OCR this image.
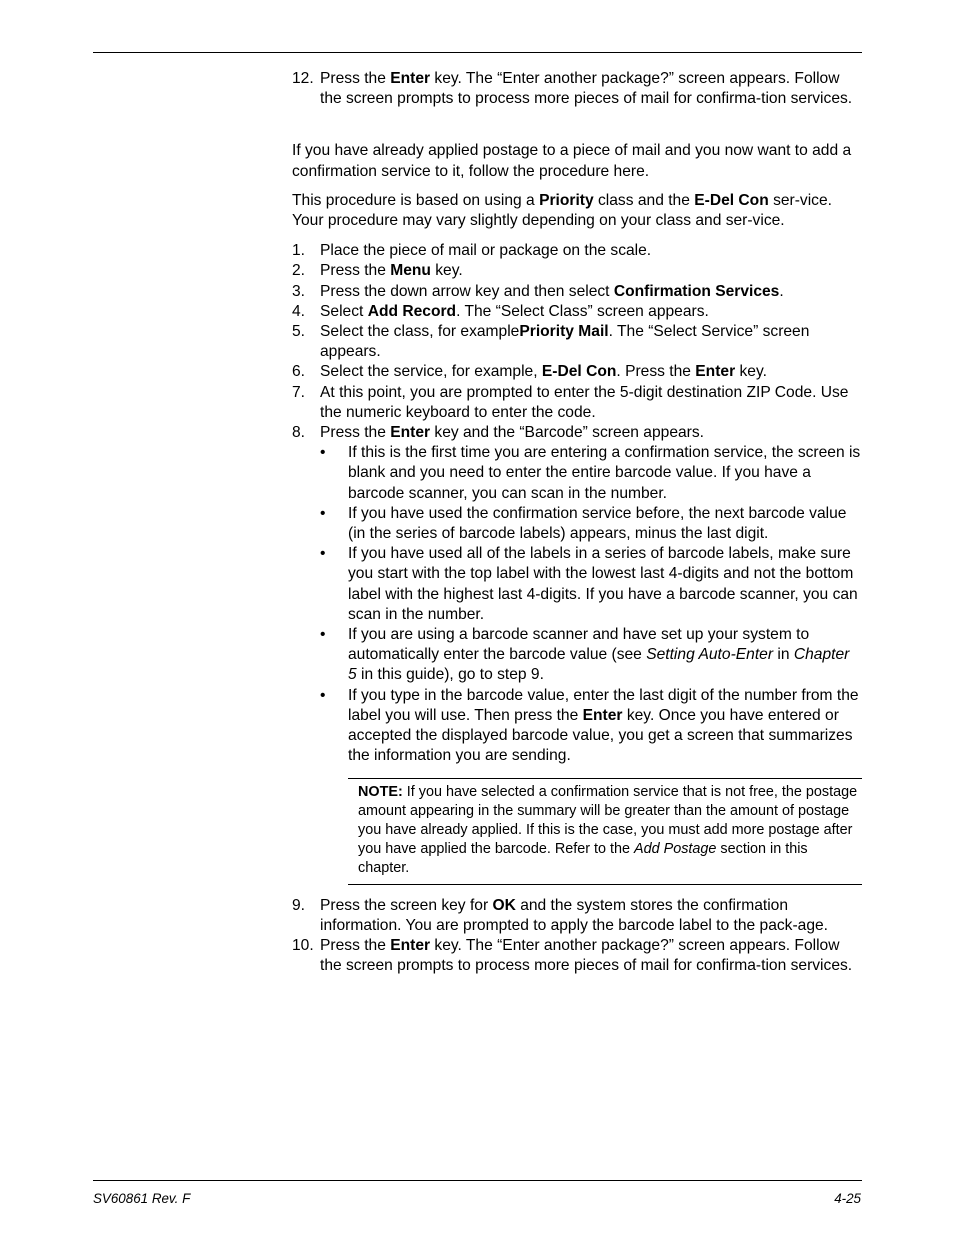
12. Press the Enter key. The “Enter another package?” screen appears. Follow the screen prompts to process more pieces of mail for confirma-tion services.

If you have already applied postage to a piece of mail and you now want to add a confirmation service to it, follow the procedure here.

This procedure is based on using a Priority class and the E-Del Con ser-vice. Your procedure may vary slightly depending on your class and ser-vice.

1. Place the piece of mail or package on the scale.
2. Press the Menu key.
3. Press the down arrow key and then select Confirmation Services.
4. Select Add Record. The “Select Class” screen appears.
5. Select the class, for examplePriority Mail. The “Select Service” screen appears.
6. Select the service, for example, E-Del Con. Press the Enter key.
7. At this point, you are prompted to enter the 5-digit destination ZIP Code. Use the numeric keyboard to enter the code.
8. Press the Enter key and the “Barcode” screen appears.
• If this is the first time you are entering a confirmation service, the screen is blank and you need to enter the entire barcode value. If you have a barcode scanner, you can scan in the number.
• If you have used the confirmation service before, the next barcode value (in the series of barcode labels) appears, minus the last digit.
• If you have used all of the labels in a series of barcode labels, make sure you start with the top label with the lowest last 4-digits and not the bottom label with the highest last 4-digits. If you have a barcode scanner, you can scan in the number.
• If you are using a barcode scanner and have set up your system to automatically enter the barcode value (see Setting Auto-Enter in Chapter 5 in this guide), go to step 9.
• If you type in the barcode value, enter the last digit of the number from the label you will use. Then press the Enter key. Once you have entered or accepted the displayed barcode value, you get a screen that summarizes the information you are sending.
NOTE: If you have selected a confirmation service that is not free, the postage amount appearing in the summary will be greater than the amount of postage you have already applied. If this is the case, you must add more postage after you have applied the barcode. Refer to the Add Postage section in this chapter.
9. Press the screen key for OK and the system stores the confirmation information. You are prompted to apply the barcode label to the pack-age.
10. Press the Enter key. The “Enter another package?” screen appears. Follow the screen prompts to process more pieces of mail for confirma-tion services.
SV60861 Rev. F	4-25
